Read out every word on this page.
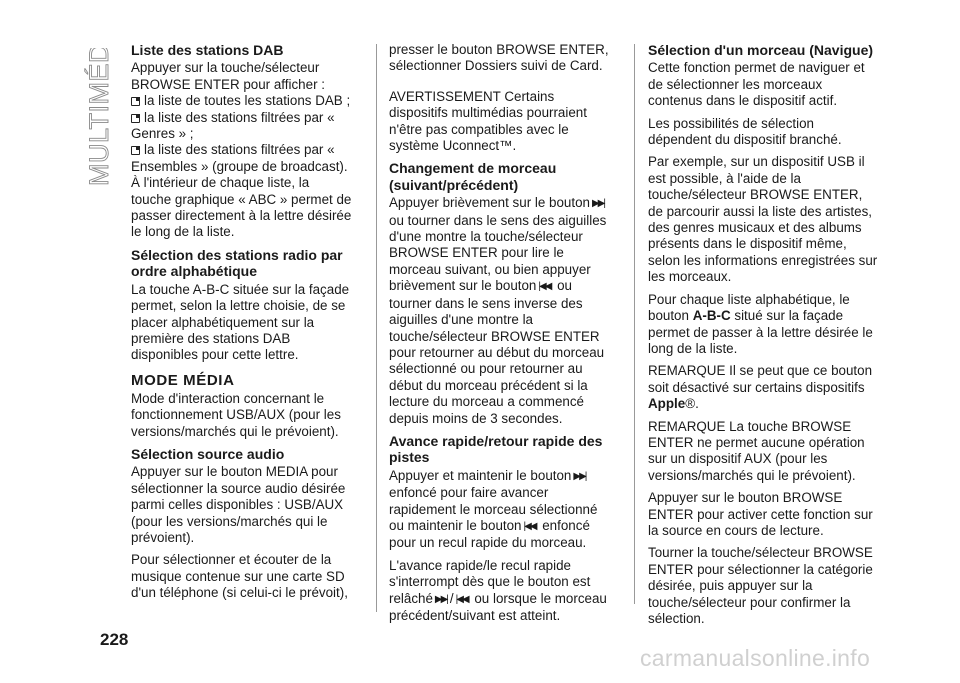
MULTIMÉDIA Liste des stations DAB

Appuyer sur la touche/sélecteur BROWSE ENTER pour afficher :

la liste de toutes les stations DAB ;

la liste des stations filtrées par « Genres » ;

la liste des stations filtrées par « Ensembles » (groupe de broadcast).

À l'intérieur de chaque liste, la touche graphique « ABC » permet de passer directement à la lettre désirée le long de la liste.

Sélection des stations radio par ordre alphabétique

La touche A-B-C située sur la façade permet, selon la lettre choisie, de se placer alphabétiquement sur la première des stations DAB disponibles pour cette lettre.

MODE MÉDIA

Mode d'interaction concernant le fonctionnement USB/AUX (pour les versions/marchés qui le prévoient).

Sélection source audio

Appuyer sur le bouton MEDIA pour sélectionner la source audio désirée parmi celles disponibles : USB/AUX (pour les versions/marchés qui le prévoient).

Pour sélectionner et écouter de la musique contenue sur une carte SD d'un téléphone (si celui-ci le prévoit),

presser le bouton BROWSE ENTER, sélectionner Dossiers suivi de Card.

AVERTISSEMENT Certains dispositifs multimédias pourraient n'être pas compatibles avec le système Uconnect™.

Changement de morceau (suivant/précédent)

Appuyer brièvement sur le bouton ▶▶| ou tourner dans le sens des aiguilles d'une montre la touche/sélecteur BROWSE ENTER pour lire le morceau suivant, ou bien appuyer brièvement sur le bouton |◀◀ ou tourner dans le sens inverse des aiguilles d'une montre la touche/sélecteur BROWSE ENTER pour retourner au début du morceau sélectionné ou pour retourner au début du morceau précédent si la lecture du morceau a commencé depuis moins de 3 secondes.

Avance rapide/retour rapide des pistes

Appuyer et maintenir le bouton ▶▶| enfoncé pour faire avancer rapidement le morceau sélectionné ou maintenir le bouton |◀◀ enfoncé pour un recul rapide du morceau.

L'avance rapide/le recul rapide s'interrompt dès que le bouton est relâché ▶▶| / |◀◀ ou lorsque le morceau précédent/suivant est atteint.

Sélection d'un morceau (Navigue)

Cette fonction permet de naviguer et de sélectionner les morceaux contenus dans le dispositif actif.

Les possibilités de sélection dépendent du dispositif branché.

Par exemple, sur un dispositif USB il est possible, à l'aide de la touche/sélecteur BROWSE ENTER, de parcourir aussi la liste des artistes, des genres musicaux et des albums présents dans le dispositif même, selon les informations enregistrées sur les morceaux.

Pour chaque liste alphabétique, le bouton A-B-C situé sur la façade permet de passer à la lettre désirée le long de la liste.

REMARQUE Il se peut que ce bouton soit désactivé sur certains dispositifs Apple®.

REMARQUE La touche BROWSE ENTER ne permet aucune opération sur un dispositif AUX (pour les versions/marchés qui le prévoient).

Appuyer sur le bouton BROWSE ENTER pour activer cette fonction sur la source en cours de lecture.

Tourner la touche/sélecteur BROWSE ENTER pour sélectionner la catégorie désirée, puis appuyer sur la touche/sélecteur pour confirmer la sélection.

228
carmanualsonline.info
